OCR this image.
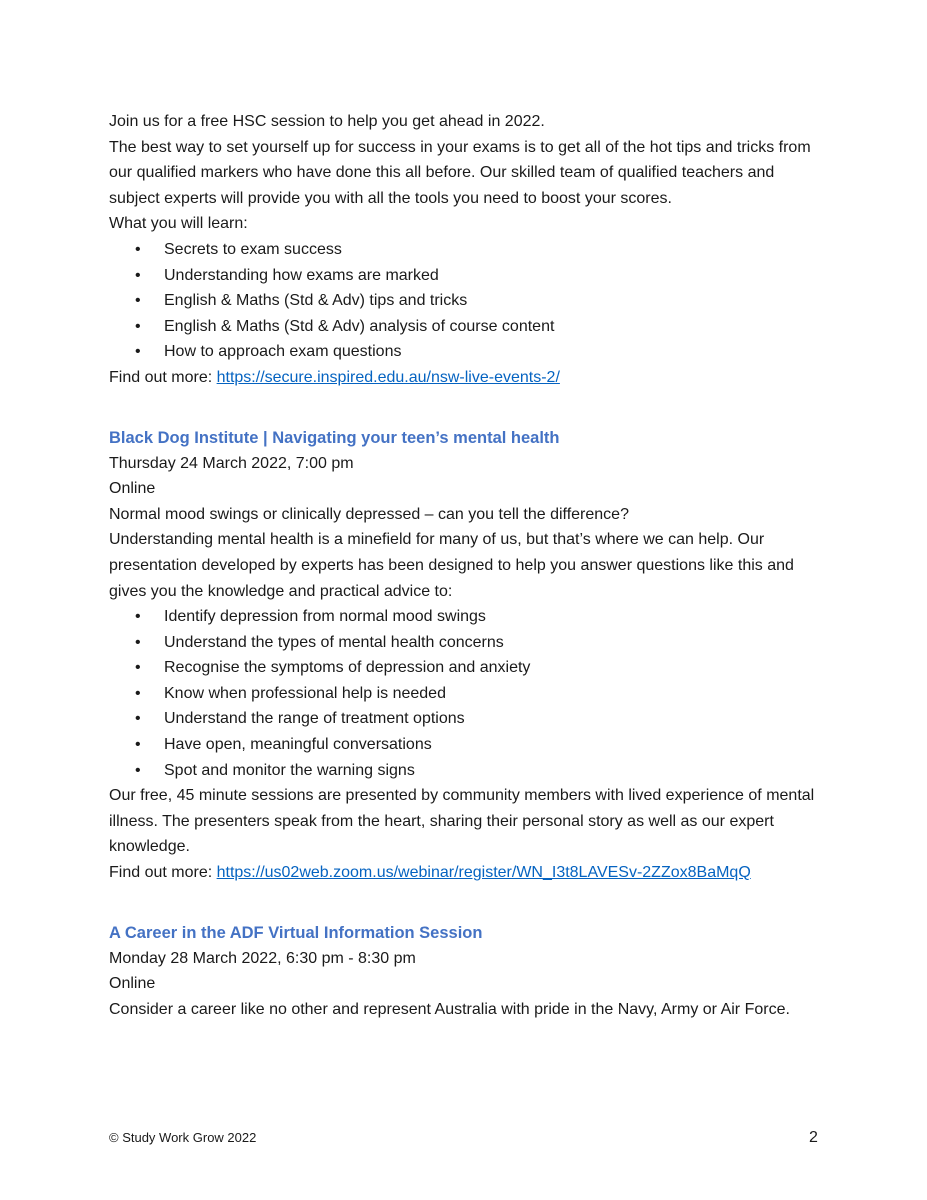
Join us for a free HSC session to help you get ahead in 2022.

The best way to set yourself up for success in your exams is to get all of the hot tips and tricks from our qualified markers who have done this all before. Our skilled team of qualified teachers and subject experts will provide you with all the tools you need to boost your scores.

What you will learn:

• Secrets to exam success
• Understanding how exams are marked
• English & Maths (Std & Adv) tips and tricks
• English & Maths (Std & Adv) analysis of course content
• How to approach exam questions

Find out more: https://secure.inspired.edu.au/nsw-live-events-2/

Black Dog Institute | Navigating your teen’s mental health

Thursday 24 March 2022, 7:00 pm

Online

Normal mood swings or clinically depressed – can you tell the difference?

Understanding mental health is a minefield for many of us, but that’s where we can help. Our presentation developed by experts has been designed to help you answer questions like this and gives you the knowledge and practical advice to:

• Identify depression from normal mood swings
• Understand the types of mental health concerns
• Recognise the symptoms of depression and anxiety
• Know when professional help is needed
• Understand the range of treatment options
• Have open, meaningful conversations
• Spot and monitor the warning signs

Our free, 45 minute sessions are presented by community members with lived experience of mental illness. The presenters speak from the heart, sharing their personal story as well as our expert knowledge.

Find out more: https://us02web.zoom.us/webinar/register/WN_I3t8LAVESv-2ZZox8BaMqQ

A Career in the ADF Virtual Information Session

Monday 28 March 2022, 6:30 pm - 8:30 pm

Online

Consider a career like no other and represent Australia with pride in the Navy, Army or Air Force.

© Study Work Grow 2022	2
